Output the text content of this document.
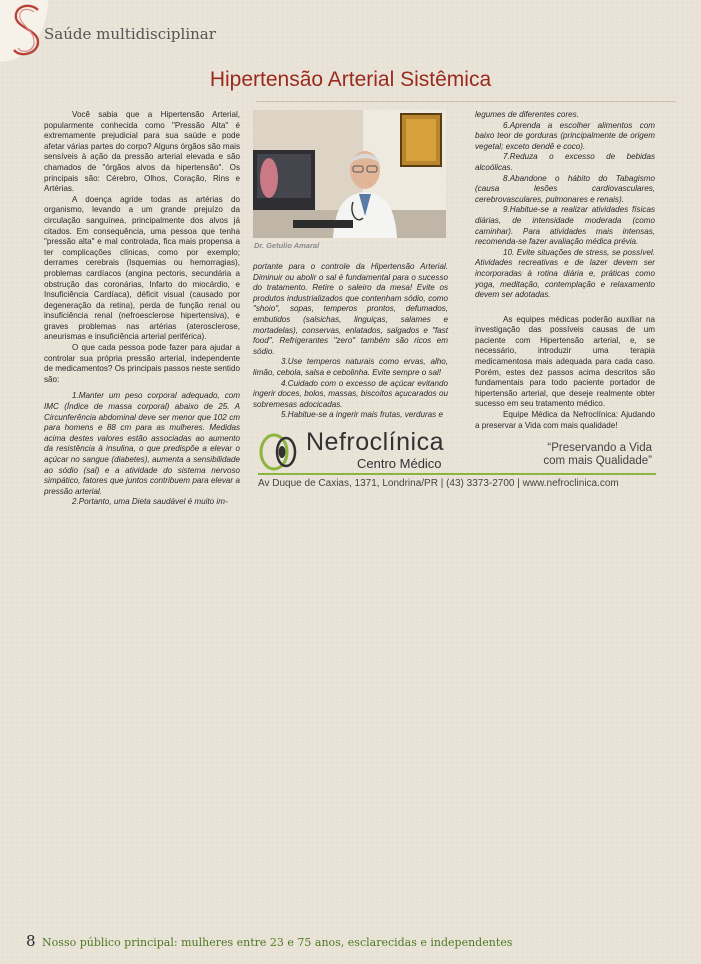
Saúde multidisciplinar
Hipertensão Arterial Sistêmica

Você sabia que a Hipertensão Arterial, popularmente conhecida como "Pressão Alta" é extremamente prejudicial para sua saúde e pode afetar várias partes do corpo? Alguns órgãos são mais sensíveis à ação da pressão arterial elevada e são chamados de "órgãos alvos da hipertensão". Os principais são: Cérebro, Olhos, Coração, Rins e Artérias.

A doença agride todas as artérias do organismo, levando a um grande prejuízo da circulação sanguínea, principalmente dos alvos já citados. Em consequência, uma pessoa que tenha "pressão alta" e mal controlada, fica mais propensa a ter complicações clínicas, como por exemplo; derrames cerebrais (Isquemias ou hemorragias), problemas cardíacos (angina pectoris, secundária a obstrução das coronárias, Infarto do miocárdio, e Insuficiência Cardíaca), déficit visual (causado por degeneração da retina), perda de função renal ou insuficiência renal (nefroesclerose hipertensiva), e graves problemas nas artérias (aterosclerose, aneurismas e insuficiência arterial periférica).

O que cada pessoa pode fazer para ajudar a controlar sua própria pressão arterial, independente de medicamentos? Os principais passos neste sentido são:

1.Manter um peso corporal adequado, com IMC (Índice de massa corporal) abaixo de 25. A Circunferência abdominal deve ser menor que 102 cm para homens e 88 cm para as mulheres. Medidas acima destes valores estão associadas ao aumento da resistência à insulina, o que predispõe a elevar o açúcar no sangue (diabetes), aumenta a sensibilidade ao sódio (sal) e a atividade do sistema nervoso simpático, fatores que juntos contribuem para elevar a pressão arterial.

2.Portanto, uma Dieta saudável é muito im-

Dr. Getulio Amaral

portante para o controle da Hipertensão Arterial. Diminuir ou abolir o sal é fundamental para o sucesso do tratamento. Retire o saleiro da mesa! Evite os produtos industrializados que contenham sódio, como "shoio", sopas, temperos prontos, defumados, embutidos (salsichas, linguiças, salames e mortadelas), conservas, enlatados, salgados e "fast food". Refrigerantes "zero" também são ricos em sódio.

3.Use temperos naturais como ervas, alho, limão, cebola, salsa e cebolinha. Evite sempre o sal!

4.Cuidado com o excesso de açúcar evitando ingerir doces, bolos, massas, biscoitos açucarados ou sobremesas adocicadas.

5.Habitue-se a ingerir mais frutas, verduras e

legumes de diferentes cores.

6.Aprenda a escolher alimentos com baixo teor de gorduras (principalmente de origem vegetal; exceto dendê e coco).

7.Reduza o excesso de bebidas alcoólicas.

8.Abandone o hábito do Tabagismo (causa lesões cardiovasculares, cerebrovasculares, pulmonares e renais).

9.Habitue-se a realizar atividades físicas diárias, de intensidade moderada (como caminhar). Para atividades mais intensas, recomenda-se fazer avaliação médica prévia.

10. Evite situações de stress, se possível. Atividades recreativas e de lazer devem ser incorporadas à rotina diária e, práticas como yoga, meditação, contemplação e relaxamento devem ser adotadas.

As equipes médicas poderão auxiliar na investigação das possíveis causas de um paciente com Hipertensão arterial, e, se necessário, introduzir uma terapia medicamentosa mais adequada para cada caso. Porém, estes dez passos acima descritos são fundamentais para todo paciente portador de hipertensão arterial, que deseje realmente obter sucesso em seu tratamento médico.

Equipe Médica da Nefroclínica: Ajudando a preservar a Vida com mais qualidade!

Nefroclínica
Centro Médico
“Preservando a Vida
com mais Qualidade”
Av Duque de Caxias, 1371, Londrina/PR | (43) 3373-2700 | www.nefroclinica.com
8 Nosso público principal: mulheres entre 23 e 75 anos, esclarecidas e independentes
